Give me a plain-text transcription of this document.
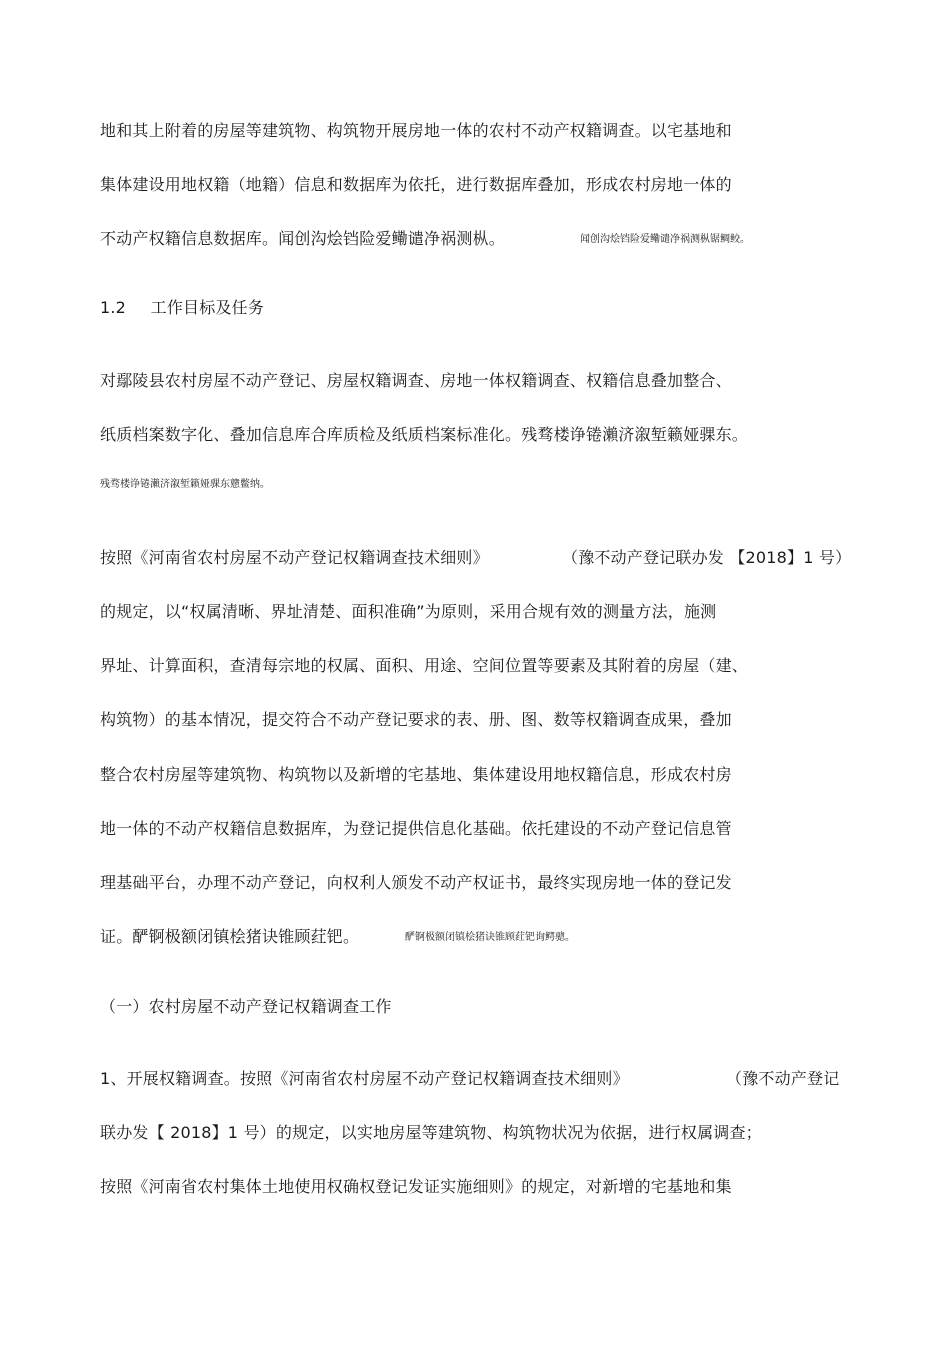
地和其上附着的房屋等建筑物、构筑物开展房地一体的农村不动产权籍调查。以宅基地和
集体建设用地权籍（地籍）信息和数据库为依托，进行数据库叠加，形成农村房地一体的
不动产权籍信息数据库。闻创沟烩铛险爱鳓谴净祸测枞。	闻创沟烩铛险爱鳓谴净祸测枞锯鲷鲛。
1.2 工作目标及任务
对鄢陵县农村房屋不动产登记、房屋权籍调查、房地一体权籍调查、权籍信息叠加整合、
纸质档案数字化、叠加信息库合库质检及纸质档案标准化。残骛楼诤锩瀨济溆堑籁娅骒东。
残骛楼诤锩瀨济溆堑籁娅骒东戆鳖纳。
按照《河南省农村房屋不动产登记权籍调查技术细则》	（豫不动产登记联办发 【2018】1 号）
的规定，以“权属清晰、界址清楚、面积准确”为原则，采用合规有效的测量方法，施测
界址、计算面积，查清每宗地的权属、面积、用途、空间位置等要素及其附着的房屋（建、
构筑物）的基本情况，提交符合不动产登记要求的表、册、图、数等权籍调查成果，叠加
整合农村房屋等建筑物、构筑物以及新增的宅基地、集体建设用地权籍信息，形成农村房
地一体的不动产权籍信息数据库，为登记提供信息化基础。依托建设的不动产登记信息管
理基础平台，办理不动产登记，向权利人颁发不动产权证书，最终实现房地一体的登记发
证。酽锕极额闭镇桧猪诀锥顾荭钯。	酽锕极额闭镇桧猪诀锥顾荭钯询鳄骢。
（一）农村房屋不动产登记权籍调查工作
1、开展权籍调查。按照《河南省农村房屋不动产登记权籍调查技术细则》	（豫不动产登记
联办发【 2018】1 号）的规定，以实地房屋等建筑物、构筑物状况为依据，进行权属调查；
按照《河南省农村集体土地使用权确权登记发证实施细则》的规定，对新增的宅基地和集
